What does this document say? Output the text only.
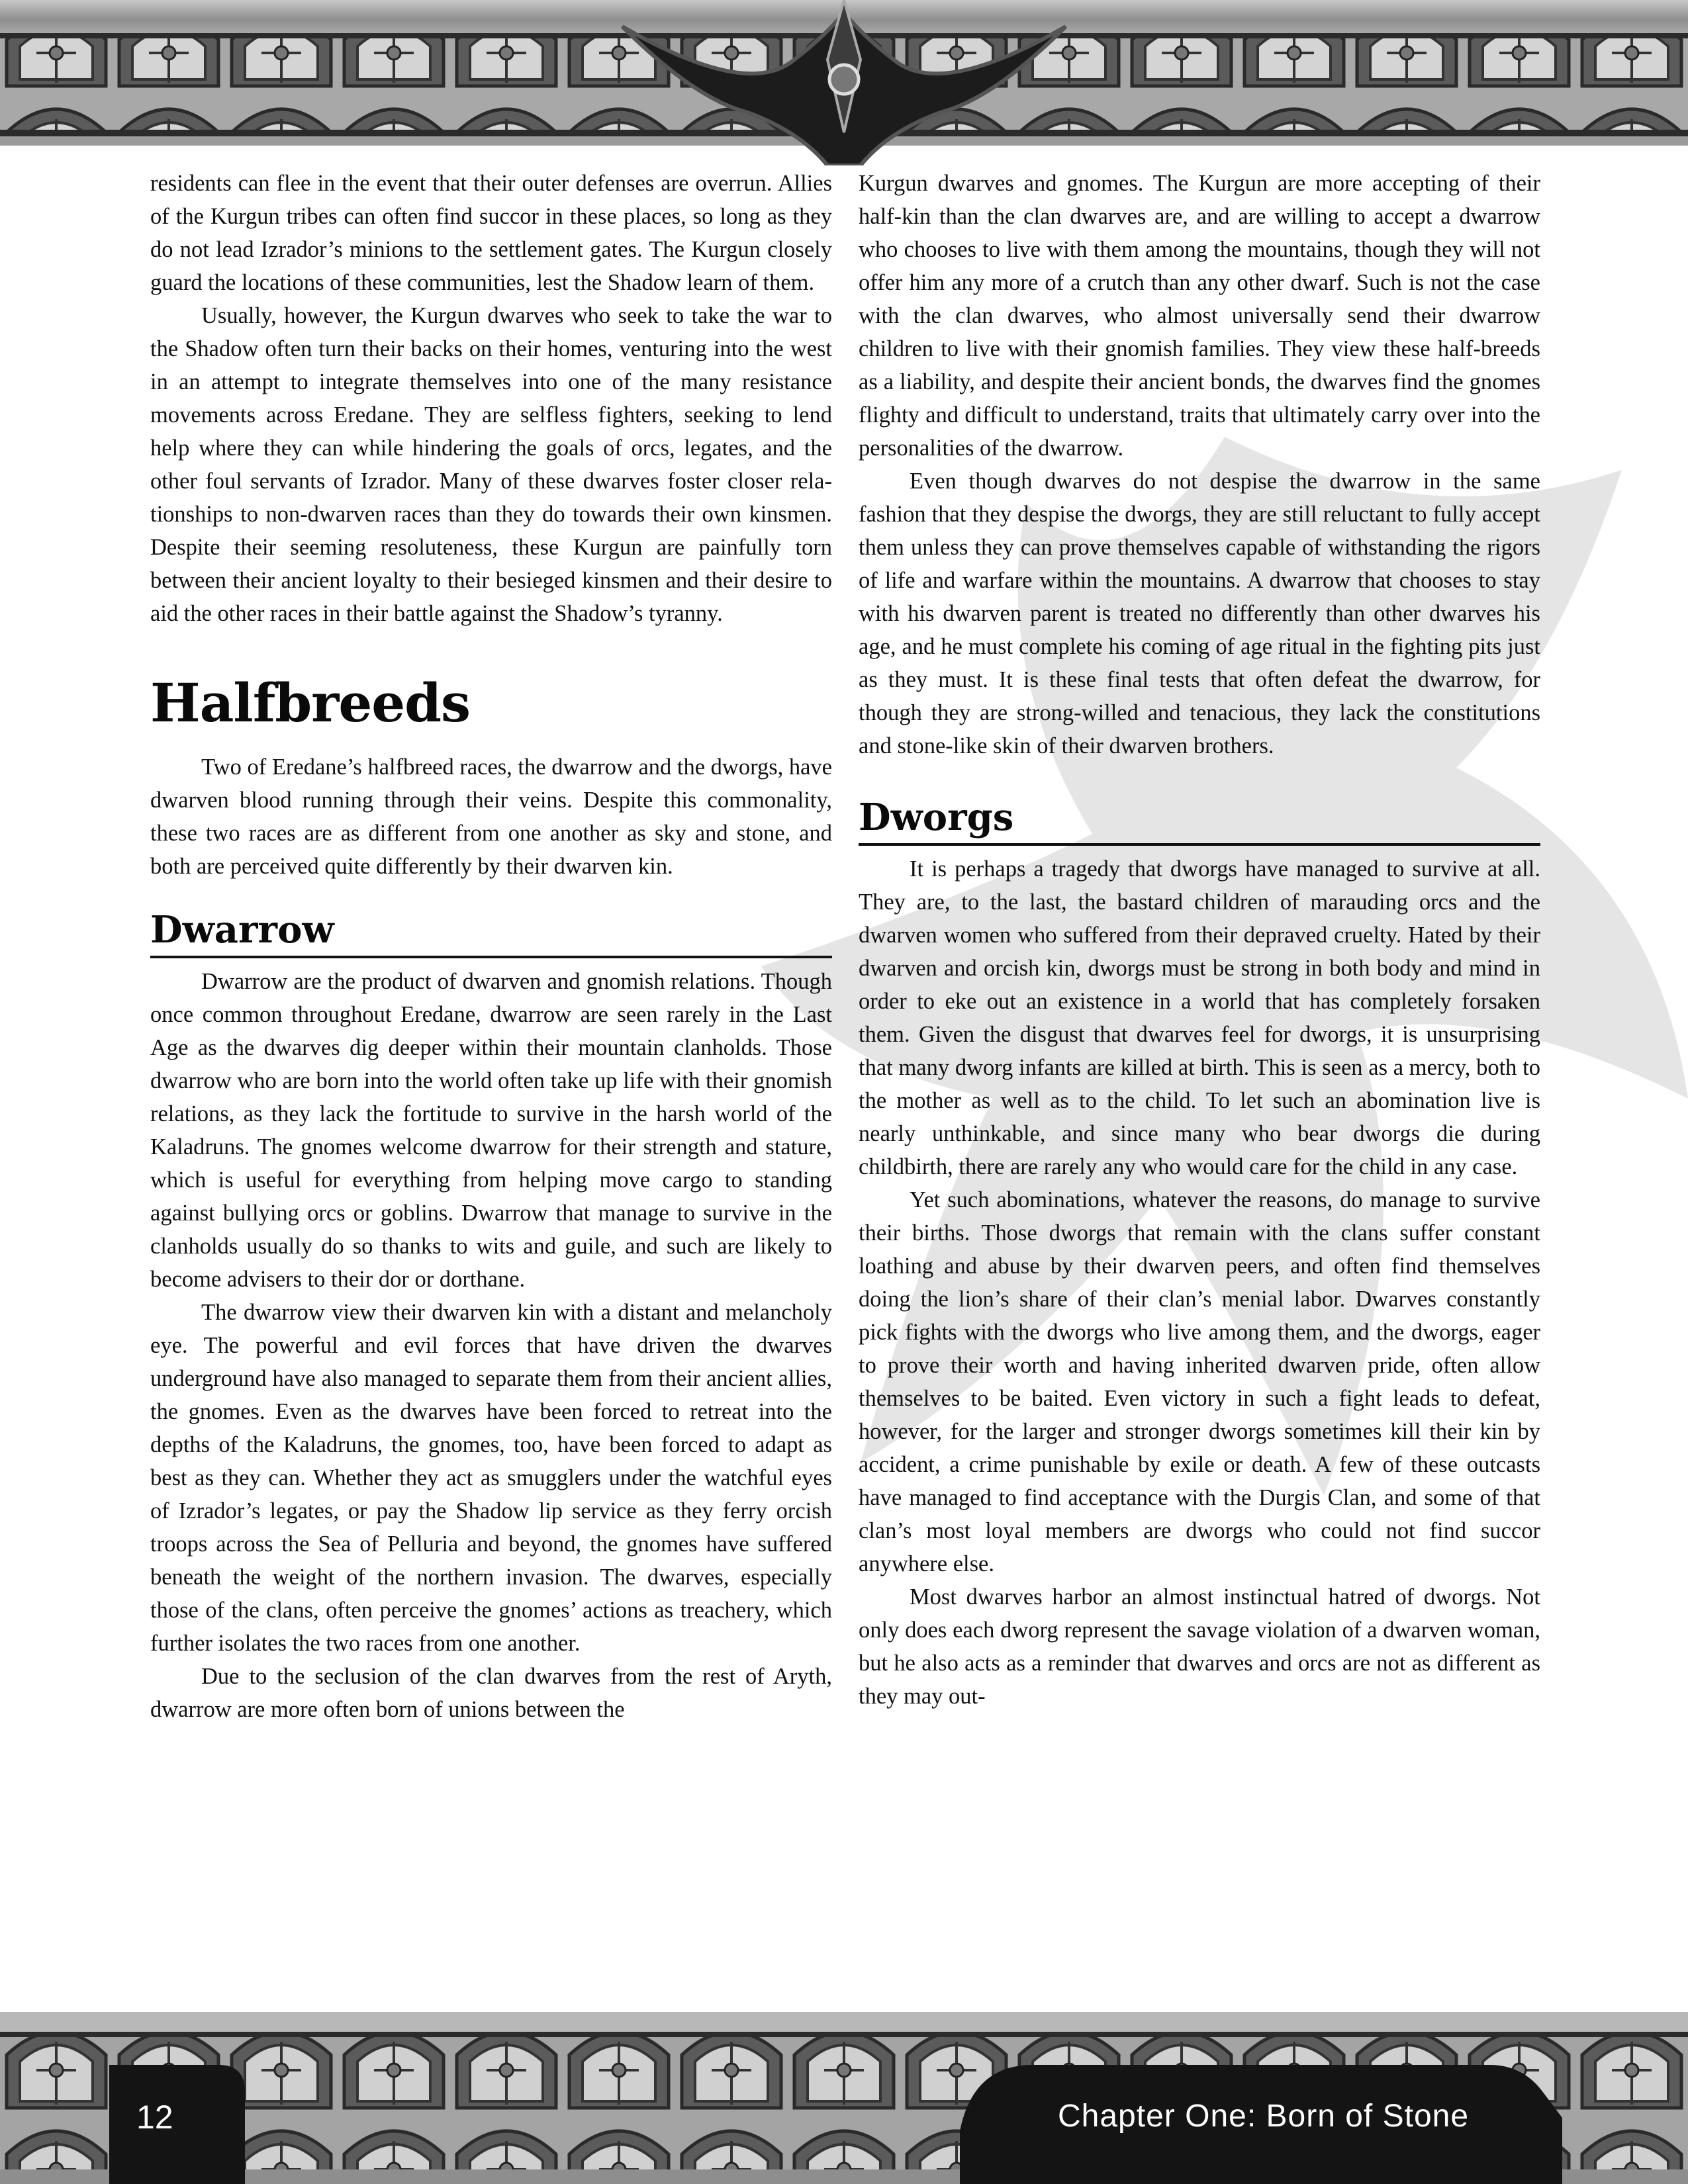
residents can flee in the event that their outer defenses are overrun. Allies of the Kurgun tribes can often find succor in these places, so long as they do not lead Izrador’s minions to the settlement gates. The Kurgun closely guard the locations of these communities, lest the Shadow learn of them.

Usually, however, the Kurgun dwarves who seek to take the war to the Shadow often turn their backs on their homes, venturing into the west in an attempt to integrate themselves into one of the many resistance movements across Eredane. They are selfless fighters, seeking to lend help where they can while hindering the goals of orcs, legates, and the other foul servants of Izrador. Many of these dwarves foster closer relationships to non-dwarven races than they do towards their own kinsmen. Despite their seeming resoluteness, these Kurgun are painfully torn between their ancient loyalty to their besieged kinsmen and their desire to aid the other races in their battle against the Shadow’s tyranny.

Halfbreeds

Two of Eredane’s halfbreed races, the dwarrow and the dworgs, have dwarven blood running through their veins. Despite this commonality, these two races are as different from one another as sky and stone, and both are perceived quite differently by their dwarven kin.

Dwarrow

Dwarrow are the product of dwarven and gnomish relations. Though once common throughout Eredane, dwarrow are seen rarely in the Last Age as the dwarves dig deeper within their mountain clanholds. Those dwarrow who are born into the world often take up life with their gnomish relations, as they lack the fortitude to survive in the harsh world of the Kaladruns. The gnomes welcome dwarrow for their strength and stature, which is useful for everything from helping move cargo to standing against bullying orcs or goblins. Dwarrow that manage to survive in the clanholds usually do so thanks to wits and guile, and such are likely to become advisers to their dor or dorthane.

The dwarrow view their dwarven kin with a distant and melancholy eye. The powerful and evil forces that have driven the dwarves underground have also managed to separate them from their ancient allies, the gnomes. Even as the dwarves have been forced to retreat into the depths of the Kaladruns, the gnomes, too, have been forced to adapt as best as they can. Whether they act as smugglers under the watchful eyes of Izrador’s legates, or pay the Shadow lip service as they ferry orcish troops across the Sea of Pelluria and beyond, the gnomes have suffered beneath the weight of the northern invasion. The dwarves, especially those of the clans, often perceive the gnomes’ actions as treachery, which further isolates the two races from one another.

Due to the seclusion of the clan dwarves from the rest of Aryth, dwarrow are more often born of unions between the

Kurgun dwarves and gnomes. The Kurgun are more accepting of their half-kin than the clan dwarves are, and are willing to accept a dwarrow who chooses to live with them among the mountains, though they will not offer him any more of a crutch than any other dwarf. Such is not the case with the clan dwarves, who almost universally send their dwarrow children to live with their gnomish families. They view these half-breeds as a liability, and despite their ancient bonds, the dwarves find the gnomes flighty and difficult to understand, traits that ultimately carry over into the personalities of the dwarrow.

Even though dwarves do not despise the dwarrow in the same fashion that they despise the dworgs, they are still reluctant to fully accept them unless they can prove themselves capable of withstanding the rigors of life and warfare within the mountains. A dwarrow that chooses to stay with his dwarven parent is treated no differently than other dwarves his age, and he must complete his coming of age ritual in the fighting pits just as they must. It is these final tests that often defeat the dwarrow, for though they are strong-willed and tenacious, they lack the constitutions and stone-like skin of their dwarven brothers.

Dworgs

It is perhaps a tragedy that dworgs have managed to survive at all. They are, to the last, the bastard children of marauding orcs and the dwarven women who suffered from their depraved cruelty. Hated by their dwarven and orcish kin, dworgs must be strong in both body and mind in order to eke out an existence in a world that has completely forsaken them. Given the disgust that dwarves feel for dworgs, it is unsurprising that many dworg infants are killed at birth. This is seen as a mercy, both to the mother as well as to the child. To let such an abomination live is nearly unthinkable, and since many who bear dworgs die during childbirth, there are rarely any who would care for the child in any case.

Yet such abominations, whatever the reasons, do manage to survive their births. Those dworgs that remain with the clans suffer constant loathing and abuse by their dwarven peers, and often find themselves doing the lion’s share of their clan’s menial labor. Dwarves constantly pick fights with the dworgs who live among them, and the dworgs, eager to prove their worth and having inherited dwarven pride, often allow themselves to be baited. Even victory in such a fight leads to defeat, however, for the larger and stronger dworgs sometimes kill their kin by accident, a crime punishable by exile or death. A few of these outcasts have managed to find acceptance with the Durgis Clan, and some of that clan’s most loyal members are dworgs who could not find succor anywhere else.

Most dwarves harbor an almost instinctual hatred of dworgs. Not only does each dworg represent the savage violation of a dwarven woman, but he also acts as a reminder that dwarves and orcs are not as different as they may out-

12	Chapter One: Born of Stone
